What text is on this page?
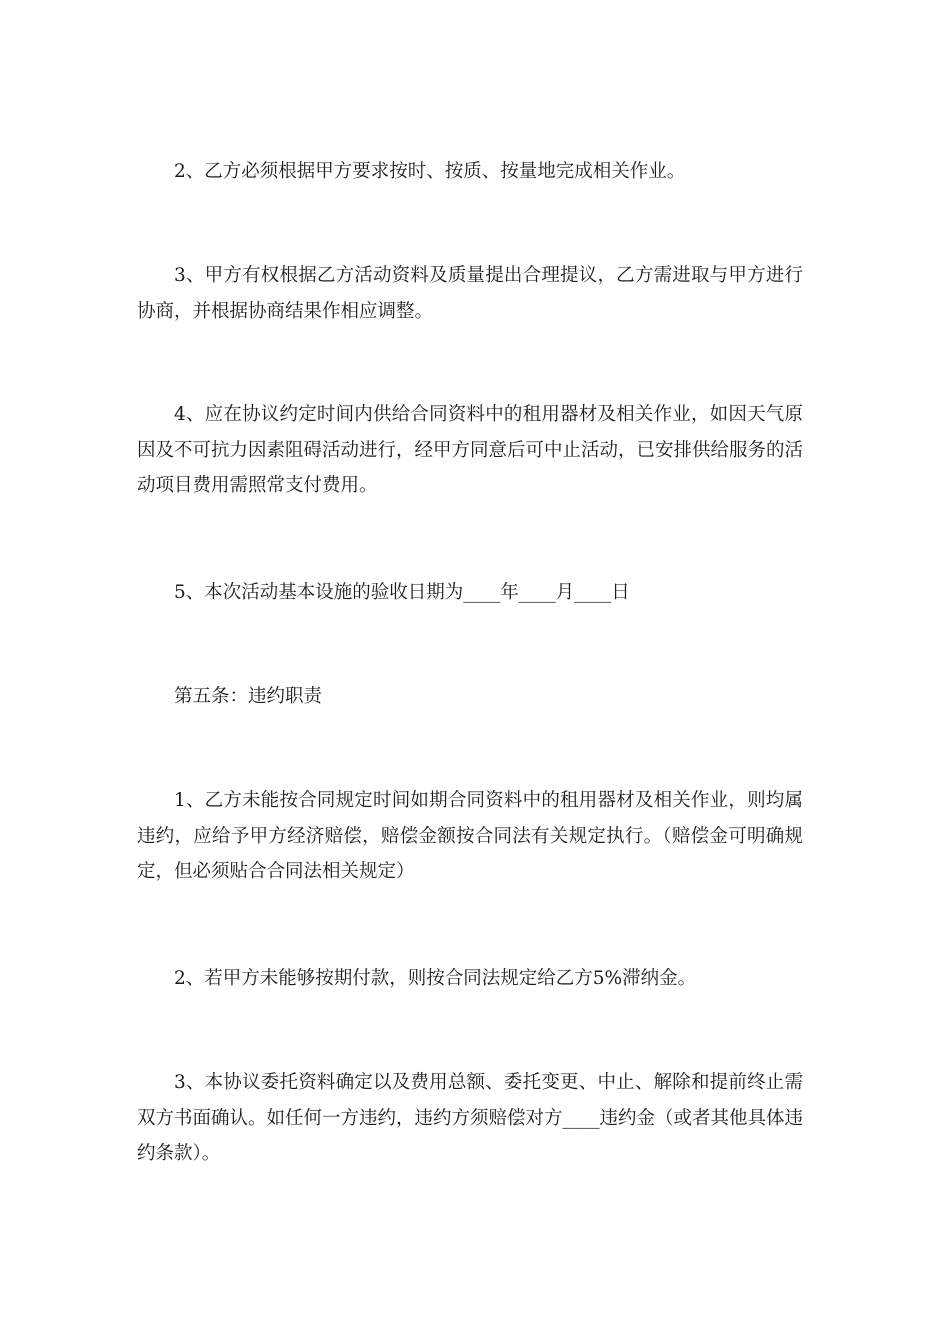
2、乙方必须根据甲方要求按时、按质、按量地完成相关作业。

3、甲方有权根据乙方活动资料及质量提出合理提议，乙方需进取与甲方进行协商，并根据协商结果作相应调整。

4、应在协议约定时间内供给合同资料中的租用器材及相关作业，如因天气原因及不可抗力因素阻碍活动进行，经甲方同意后可中止活动，已安排供给服务的活动项目费用需照常支付费用。

5、本次活动基本设施的验收日期为____年____月____日

第五条：违约职责

1、乙方未能按合同规定时间如期合同资料中的租用器材及相关作业，则均属违约，应给予甲方经济赔偿，赔偿金额按合同法有关规定执行。（赔偿金可明确规定，但必须贴合合同法相关规定）

2、若甲方未能够按期付款，则按合同法规定给乙方5%滞纳金。

3、本协议委托资料确定以及费用总额、委托变更、中止、解除和提前终止需双方书面确认。如任何一方违约，违约方须赔偿对方____违约金（或者其他具体违约条款）。
